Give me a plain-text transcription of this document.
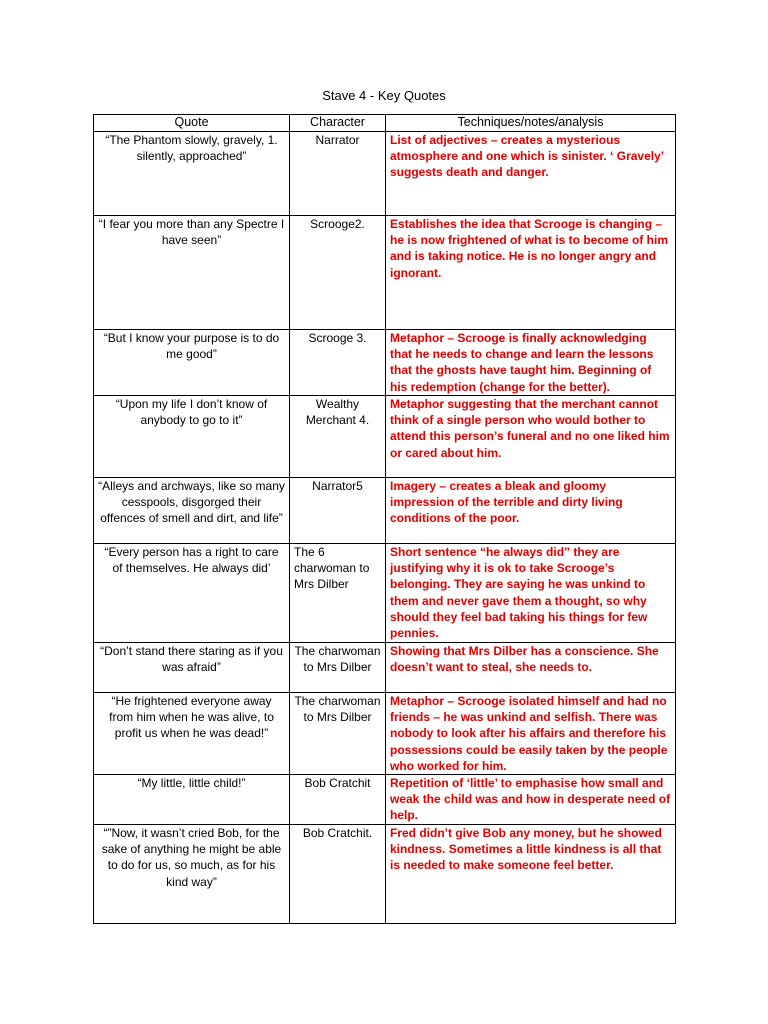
Stave 4 - Key Quotes
Quote	Character	Techniques/notes/analysis
“The Phantom slowly, gravely, 1. silently, approached”	Narrator	List of adjectives – creates a mysterious atmosphere and one which is sinister. ‘ Gravely’ suggests death and danger.
“I fear you more than any Spectre I have seen”	Scrooge2.	Establishes the idea that Scrooge is changing – he is now frightened of what is to become of him and is taking notice. He is no longer angry and ignorant.
“But I know your purpose is to do me good”	Scrooge 3.	Metaphor – Scrooge is finally acknowledging that he needs to change and learn the lessons that the ghosts have taught him. Beginning of his redemption (change for the better).
“Upon my life I don’t know of anybody to go to it”	Wealthy Merchant 4.	Metaphor suggesting that the merchant cannot think of a single person who would bother to attend this person’s funeral and no one liked him or cared about him.
“Alleys and archways, like so many cesspools, disgorged their offences of smell and dirt, and life”	Narrator5	Imagery – creates a bleak and gloomy impression of the terrible and dirty living conditions of the poor.
“Every person has a right to care of themselves. He always did’	The 6 charwoman to Mrs Dilber	Short sentence “he always did” they are justifying why it is ok to take Scrooge’s belonging. They are saying he was unkind to them and never gave them a thought, so why should they feel bad taking his things for few pennies.
“Don’t stand there staring as if you was afraid”	The charwoman to Mrs Dilber	Showing that Mrs Dilber has a conscience. She doesn’t want to steal, she needs to.
“He frightened everyone away from him when he was alive, to profit us when he was dead!”	The charwoman to Mrs Dilber	Metaphor – Scrooge isolated himself and had no friends – he was unkind and selfish. There was nobody to look after his affairs and therefore his possessions could be easily taken by the people who worked for him.
“My little, little child!”	Bob Cratchit	Repetition of ‘little’ to emphasise how small and weak the child was and how in desperate need of help.
“”Now, it wasn’t cried Bob, for the sake of anything he might be able to do for us, so much, as for his kind way”	Bob Cratchit.	Fred didn’t give Bob any money, but he showed kindness. Sometimes a little kindness is all that is needed to make someone feel better.
